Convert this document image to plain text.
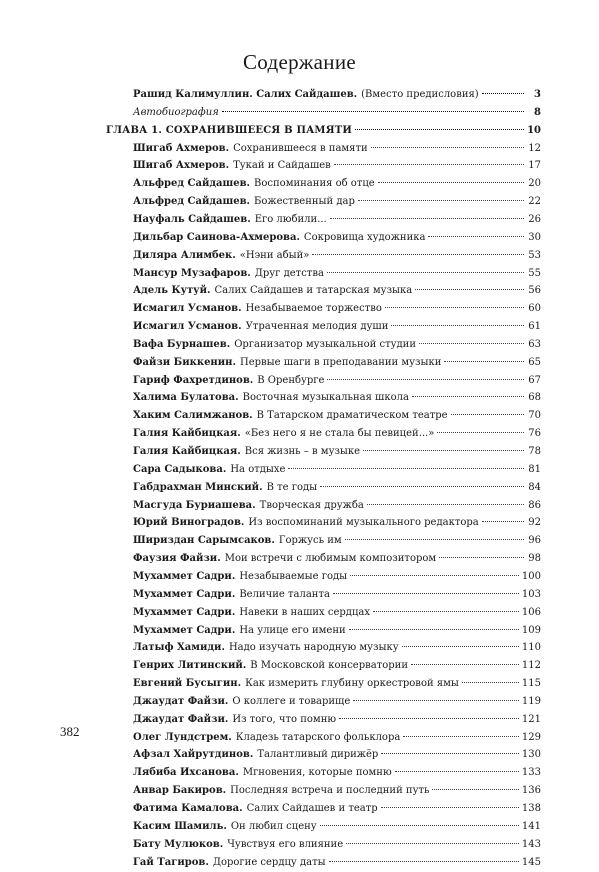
Содержание
Рашид Калимуллин. Салих Сайдашев. (Вместо предисловия)	3
Автобиография	8
ГЛАВА 1. СОХРАНИВШЕЕСЯ В ПАМЯТИ	10
Шигаб Ахмеров. Сохранившееся в памяти	12
Шигаб Ахмеров. Тукай и Сайдашев	17
Альфред Сайдашев. Воспоминания об отце	20
Альфред Сайдашев. Божественный дар	22
Науфаль Сайдашев. Его любили...	26
Дильбар Саинова-Ахмерова. Сокровища художника	30
Диляра Алимбек. «Нэни абый»	53
Мансур Музафаров. Друг детства	55
Адель Кутуй. Салих Сайдашев и татарская музыка	56
Исмагил Усманов. Незабываемое торжество	60
Исмагил Усманов. Утраченная мелодия души	61
Вафа Бурнашев. Организатор музыкальной студии	63
Файзи Биккенин. Первые шаги в преподавании музыки	65
Гариф Фахретдинов. В Оренбурге	67
Халима Булатова. Восточная музыкальная школа	68
Хаким Салимжанов. В Татарском драматическом театре	70
Галия Кайбицкая. «Без него я не стала бы певицей...»	76
Галия Кайбицкая. Вся жизнь – в музыке	78
Сара Садыкова. На отдыхе	81
Габдрахман Минский. В те годы	84
Масгуда Буриашева. Творческая дружба	86
Юрий Виноградов. Из воспоминаний музыкального редактора	92
Шириздан Сарымсаков. Горжусь им	96
Фаузия Файзи. Мои встречи с любимым композитором	98
Мухаммет Садри. Незабываемые годы	100
Мухаммет Садри. Величие таланта	103
Мухаммет Садри. Навеки в наших сердцах	106
Мухаммет Садри. На улице его имени	109
Латыф Хамиди. Надо изучать народную музыку	110
Генрих Литинский. В Московской консерватории	112
Евгений Бусыгин. Как измерить глубину оркестровой ямы	115
Джаудат Файзи. О коллеге и товарище	119
Джаудат Файзи. Из того, что помню	121
Олег Лундстрем. Кладезь татарского фольклора	129
Афзал Хайрутдинов. Талантливый дирижёр	130
Лябиба Ихсанова. Мгновения, которые помню	133
Анвар Бакиров. Последняя встреча и последний путь	136
Фатима Камалова. Салих Сайдашев и театр	138
Касим Шамиль. Он любил сцену	141
Бату Мулюков. Чувствуя его влияние	143
Гай Тагиров. Дорогие сердцу даты	145
382
